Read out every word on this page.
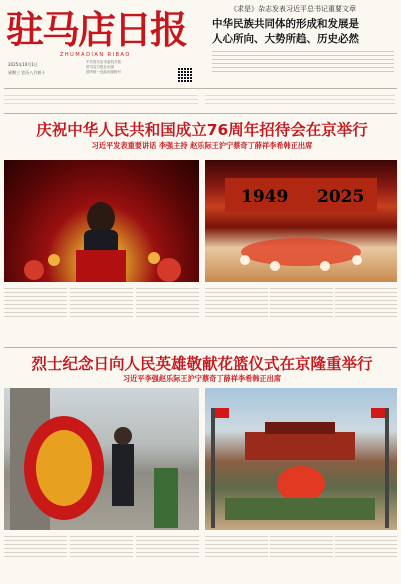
驻马店日报
ZHUMADIAN RIBAO
2025年10月1日
星期三 农历八月初十
中共驻马店市委机关报
驻马店日报社出版
国内统一连续出版物号
《求是》杂志发表习近平总书记重要文章
中华民族共同体的形成和发展是
人心所向、大势所趋、历史必然
庆祝中华人民共和国成立76周年招待会在京举行
习近平发表重要讲话 李强主持 赵乐际王沪宁蔡奇丁薛祥李希韩正出席
1949 2025
烈士纪念日向人民英雄敬献花篮仪式在京隆重举行
习近平李强赵乐际王沪宁蔡奇丁薛祥李希韩正出席
